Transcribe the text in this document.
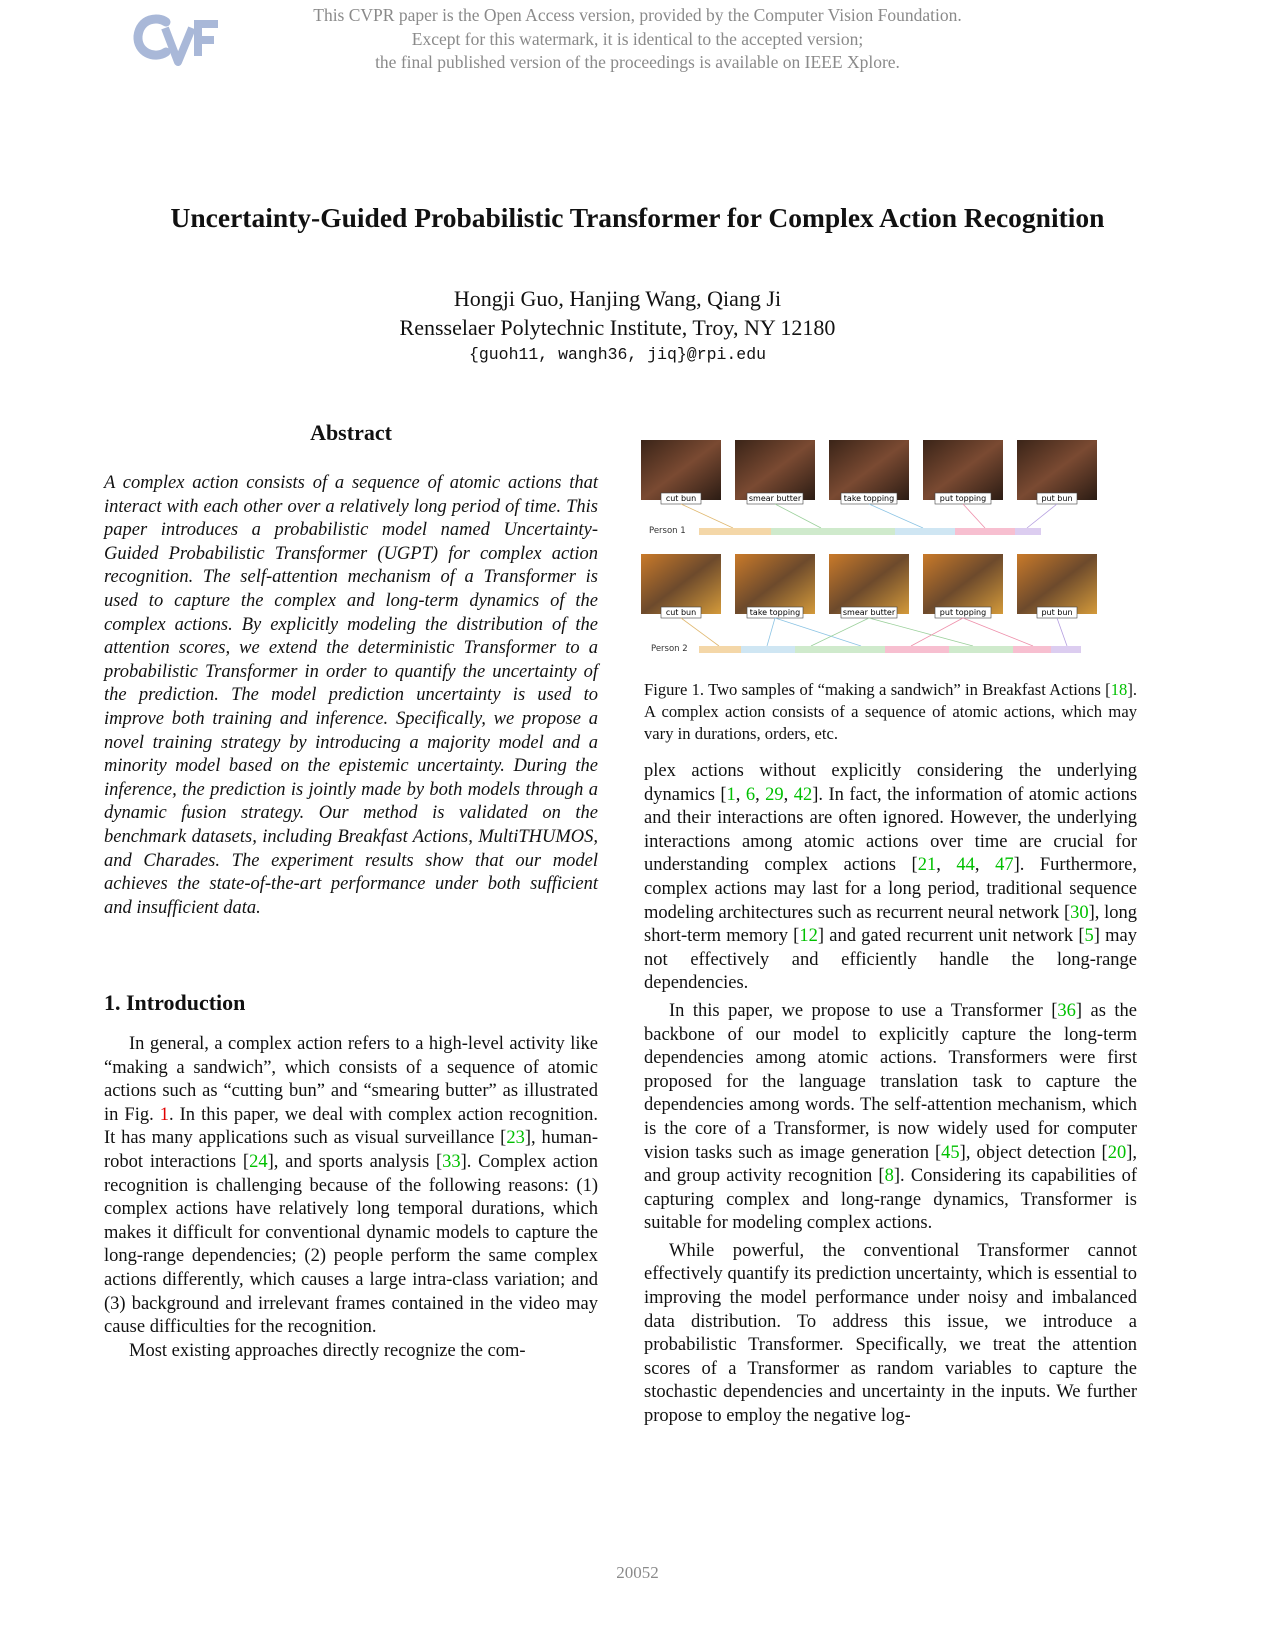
This CVPR paper is the Open Access version, provided by the Computer Vision Foundation.
Except for this watermark, it is identical to the accepted version;
the final published version of the proceedings is available on IEEE Xplore.
Uncertainty-Guided Probabilistic Transformer for Complex Action Recognition
Hongji Guo, Hanjing Wang, Qiang Ji
Rensselaer Polytechnic Institute, Troy, NY 12180
{guoh11, wangh36, jiq}@rpi.edu
Abstract
A complex action consists of a sequence of atomic actions that interact with each other over a relatively long period of time. This paper introduces a probabilistic model named Uncertainty-Guided Probabilistic Transformer (UGPT) for complex action recognition. The self-attention mechanism of a Transformer is used to capture the complex and long-term dynamics of the complex actions. By explicitly modeling the distribution of the attention scores, we extend the deterministic Transformer to a probabilistic Transformer in order to quantify the uncertainty of the prediction. The model prediction uncertainty is used to improve both training and inference. Specifically, we propose a novel training strategy by introducing a majority model and a minority model based on the epistemic uncertainty. During the inference, the prediction is jointly made by both models through a dynamic fusion strategy. Our method is validated on the benchmark datasets, including Breakfast Actions, MultiTHUMOS, and Charades. The experiment results show that our model achieves the state-of-the-art performance under both sufficient and insufficient data.
1. Introduction

In general, a complex action refers to a high-level activity like “making a sandwich”, which consists of a sequence of atomic actions such as “cutting bun” and “smearing butter” as illustrated in Fig. 1. In this paper, we deal with complex action recognition. It has many applications such as visual surveillance [23], human-robot interactions [24], and sports analysis [33]. Complex action recognition is challenging because of the following reasons: (1) complex actions have relatively long temporal durations, which makes it difficult for conventional dynamic models to capture the long-range dependencies; (2) people perform the same complex actions differently, which causes a large intra-class variation; and (3) background and irrelevant frames contained in the video may cause difficulties for the recognition.

Most existing approaches directly recognize the com-

cut bun	smear butter	take topping	put topping	put bun
Person 1
cut bun	take topping	smear butter	put topping	put bun
Person 2
Figure 1. Two samples of “making a sandwich” in Breakfast Actions [18]. A complex action consists of a sequence of atomic actions, which may vary in durations, orders, etc.

plex actions without explicitly considering the underlying dynamics [1, 6, 29, 42]. In fact, the information of atomic actions and their interactions are often ignored. However, the underlying interactions among atomic actions over time are crucial for understanding complex actions [21, 44, 47]. Furthermore, complex actions may last for a long period, traditional sequence modeling architectures such as recurrent neural network [30], long short-term memory [12] and gated recurrent unit network [5] may not effectively and efficiently handle the long-range dependencies.

In this paper, we propose to use a Transformer [36] as the backbone of our model to explicitly capture the long-term dependencies among atomic actions. Transformers were first proposed for the language translation task to capture the dependencies among words. The self-attention mechanism, which is the core of a Transformer, is now widely used for computer vision tasks such as image generation [45], object detection [20], and group activity recognition [8]. Considering its capabilities of capturing complex and long-range dynamics, Transformer is suitable for modeling complex actions.

While powerful, the conventional Transformer cannot effectively quantify its prediction uncertainty, which is essential to improving the model performance under noisy and imbalanced data distribution. To address this issue, we introduce a probabilistic Transformer. Specifically, we treat the attention scores of a Transformer as random variables to capture the stochastic dependencies and uncertainty in the inputs. We further propose to employ the negative log-

20052
